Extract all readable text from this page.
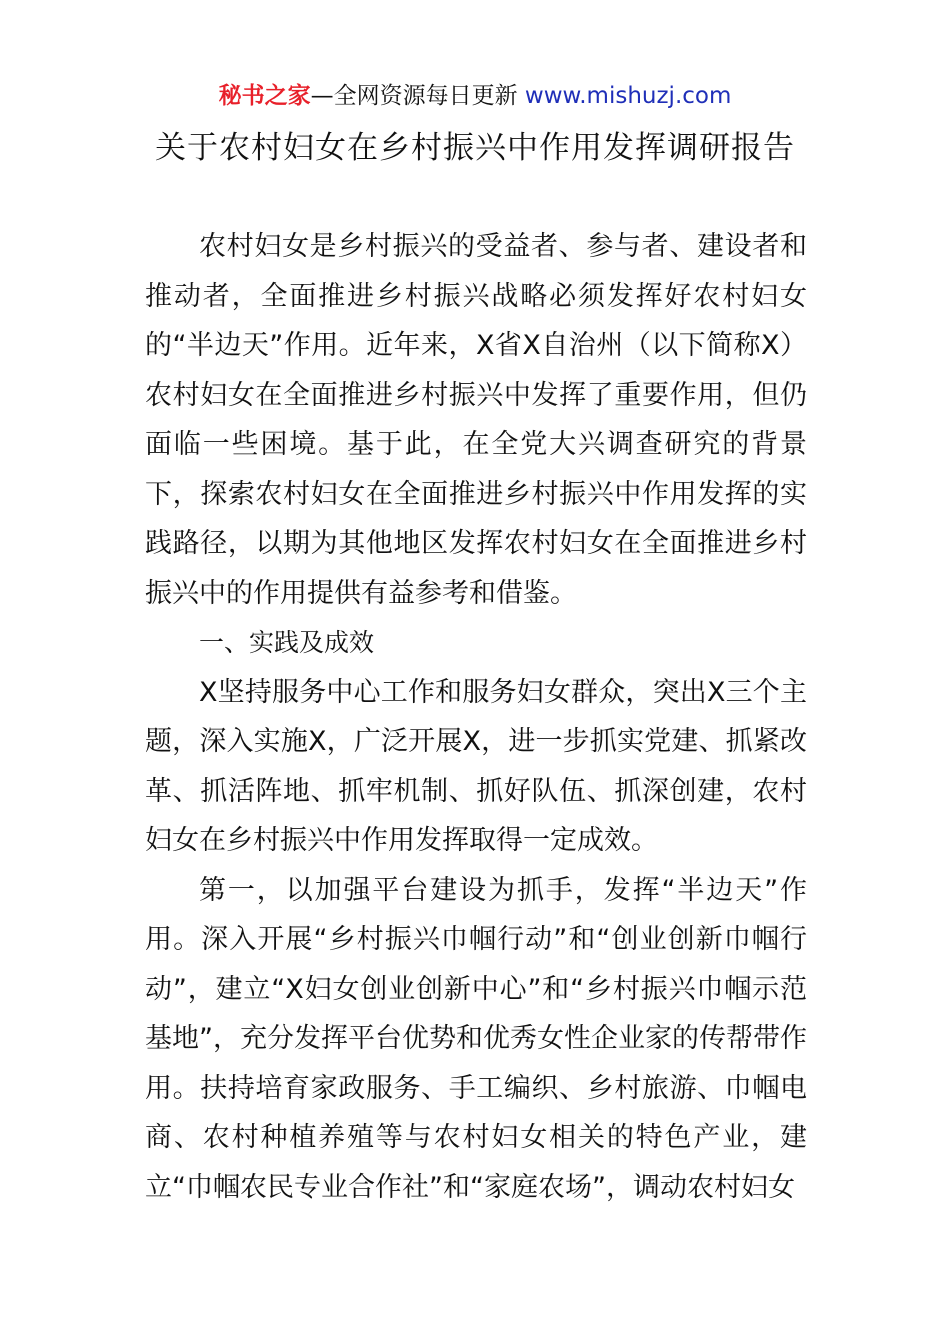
秘书之家—全网资源每日更新 www.mishuzj.com
关于农村妇女在乡村振兴中作用发挥调研报告

农村妇女是乡村振兴的受益者、参与者、建设者和推动者，全面推进乡村振兴战略必须发挥好农村妇女的“半边天”作用。近年来，X省X自治州（以下简称X）农村妇女在全面推进乡村振兴中发挥了重要作用，但仍面临一些困境。基于此，在全党大兴调查研究的背景下，探索农村妇女在全面推进乡村振兴中作用发挥的实践路径，以期为其他地区发挥农村妇女在全面推进乡村振兴中的作用提供有益参考和借鉴。

一、实践及成效

X坚持服务中心工作和服务妇女群众，突出X三个主题，深入实施X，广泛开展X，进一步抓实党建、抓紧改革、抓活阵地、抓牢机制、抓好队伍、抓深创建，农村妇女在乡村振兴中作用发挥取得一定成效。

第一，以加强平台建设为抓手，发挥“半边天”作用。深入开展“乡村振兴巾帼行动”和“创业创新巾帼行动”，建立“X妇女创业创新中心”和“乡村振兴巾帼示范基地”，充分发挥平台优势和优秀女性企业家的传帮带作用。扶持培育家政服务、手工编织、乡村旅游、巾帼电商、农村种植养殖等与农村妇女相关的特色产业，建立“巾帼农民专业合作社”和“家庭农场”，调动农村妇女
